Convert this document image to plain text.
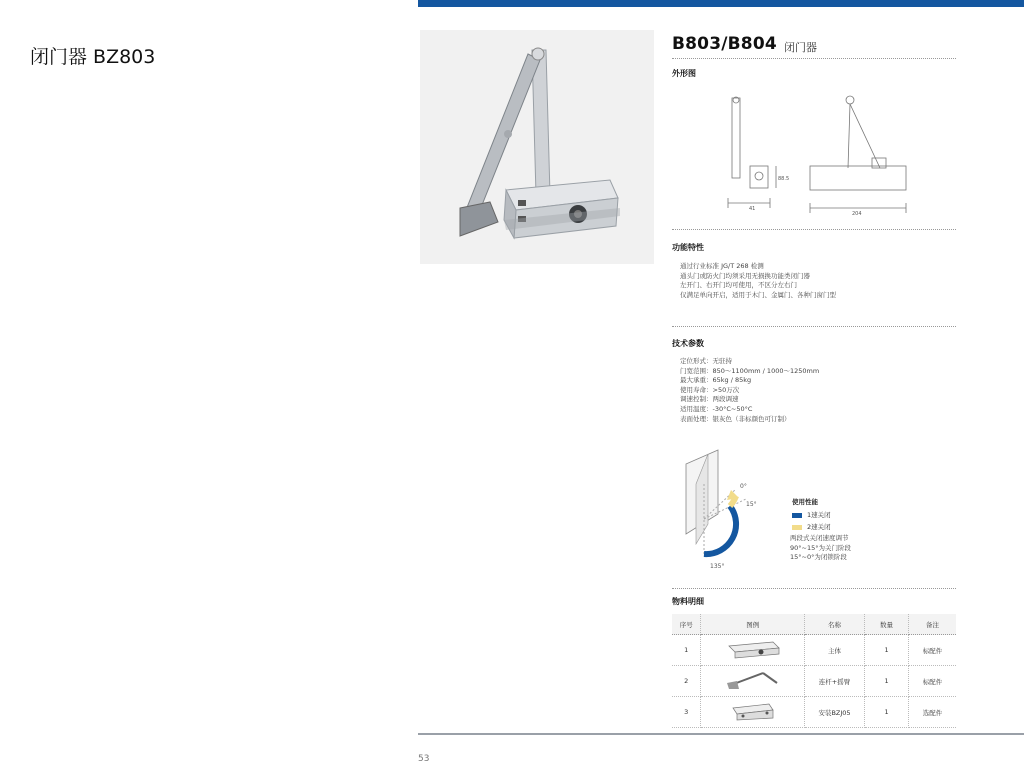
闭门器 BZ803
B803/B804 闭门器
外形图
41
88.5
204
功能特性
通过行业标准 JG/T 268 检测
通头门或防火门均须采用无损换功能类闭门器
左开门、右开门均可使用，不区分左右门
仅满足单向开启，适用于木门、金属门、各种门窗门型
技术参数
定位形式：无驻持
门宽范围：850～1100mm / 1000～1250mm
最大承重：65kg / 85kg
使用寿命：>50万次
调速控制：两段调速
适用温度：-30°C~50°C
表面处理：银灰色（非标颜色可订制）
0°
15°
135°
使用性能
1速关闭
2速关闭
两段式关闭速度调节
90°~15°为关门阶段
15°~0°为闭锁阶段
物料明细
序号	图例	名称	数量	备注
1		主体	1	标配件
2		连杆+摇臂	1	标配件
3		安装BZJ05	1	选配件
53
